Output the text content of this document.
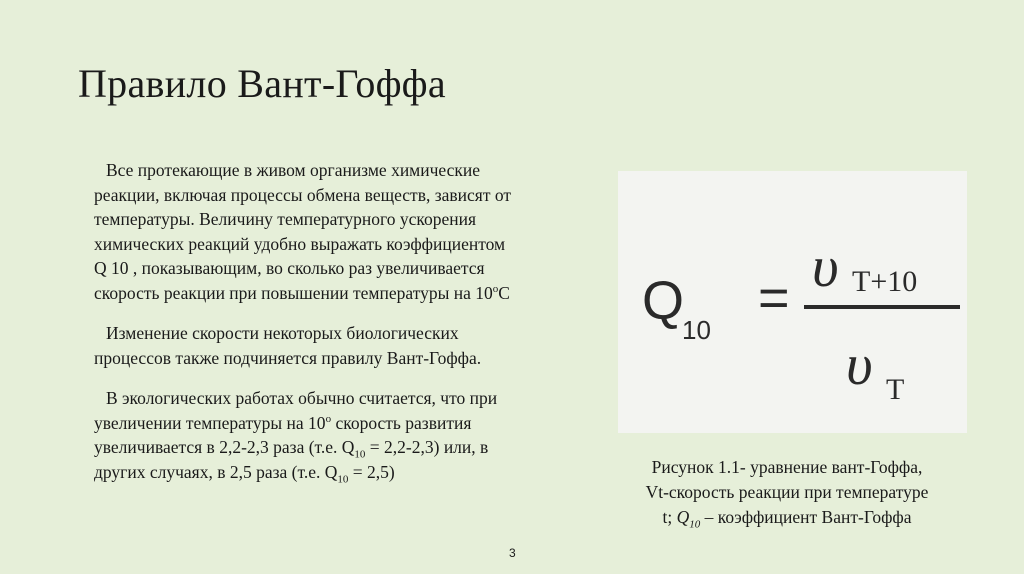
Правило Вант-Гоффа

Все протекающие в живом организме химические
реакции, включая процессы обмена веществ, зависят от
температуры. Величину температурного ускорения
химических реакций удобно выражать коэффициентом
Q 10 , показывающим, во сколько раз увеличивается
скорость реакции при повышении температуры на $10^оС$

Изменение скорости некоторых биологических
процессов также подчиняется правилу Вант-Гоффа.

В экологических работах обычно считается, что при
увеличении температуры на $10^о$ скорость развития
увеличивается в 2,2-2,3 раза (т.е. $Q_{10} = 2,2-2,3$) или, в
других случаях, в 2,5 раза (т.е. $Q_{10} = 2,5$)

Q
10
= υ T+10
υ T
Рисунок 1.1- уравнение вант-Гоффа,
Vt-скорость реакции при температуре
t; $Q_{10}$ – коэффициент Вант-Гоффа
3
